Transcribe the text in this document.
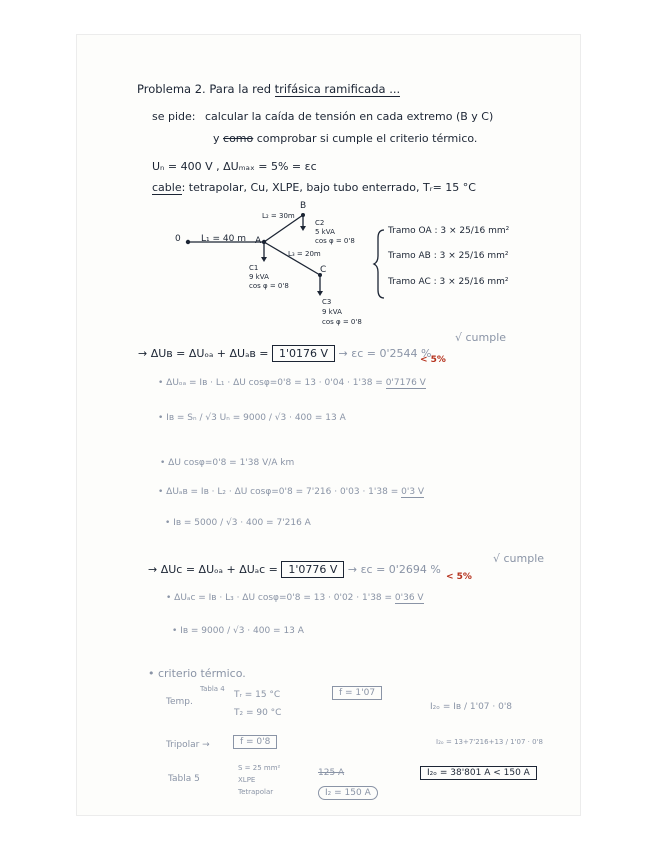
Problema 2. Para la red trifásica ramificada ...
se pide: calcular la caída de tensión en cada extremo (B y C)
y como comprobar si cumple el criterio térmico.
Uₙ = 400 V , ΔUₘₐₓ = 5% = εc
cable: tetrapolar, Cu, XLPE, bajo tubo enterrado, Tᵣ= 15 °C
0 L₁ = 40 m A
B
L₂ = 30m
L₃ = 20m
C
C2
5 kVA
cos φ = 0'8
C1
9 kVA
cos φ = 0'8
C3
9 kVA
cos φ = 0'8
Tramo OA : 3 × 25/16 mm²
Tramo AB : 3 × 25/16 mm²
Tramo AC : 3 × 25/16 mm²
→ ΔUʙ = ΔUₒₐ + ΔUₐʙ = 1'0176 V → εc = 0'2544 %
√ cumple
< 5%
• ΔUₒₐ = Iʙ · L₁ · ΔU cosφ=0'8 = 13 · 0'04 · 1'38 = 0'7176 V
• Iʙ = Sₙ / √3 Uₙ = 9000 / √3 · 400 = 13 A
• ΔU cosφ=0'8 = 1'38 V/A km
• ΔUₐʙ = Iʙ · L₂ · ΔU cosφ=0'8 = 7'216 · 0'03 · 1'38 = 0'3 V
• Iʙ = 5000 / √3 · 400 = 7'216 A
→ ΔUc = ΔUₒₐ + ΔUₐc = 1'0776 V → εc = 0'2694 %
√ cumple
< 5%
• ΔUₐc = Iʙ · L₃ · ΔU cosφ=0'8 = 13 · 0'02 · 1'38 = 0'36 V
• Iʙ = 9000 / √3 · 400 = 13 A
• criterio térmico.
Temp.
Tabla 4
Tᵣ = 15 °C
T₂ = 90 °C
f = 1'07
Tripolar →	f = 0'8
Tabla 5
S = 25 mm²
XLPE
Tetrapolar
125 A
I₂ = 150 A
I₂ₒ = Iʙ / 1'07 · 0'8
I₂ₒ = 13+7'216+13 / 1'07 · 0'8
I₂ₒ = 38'801 A < 150 A
